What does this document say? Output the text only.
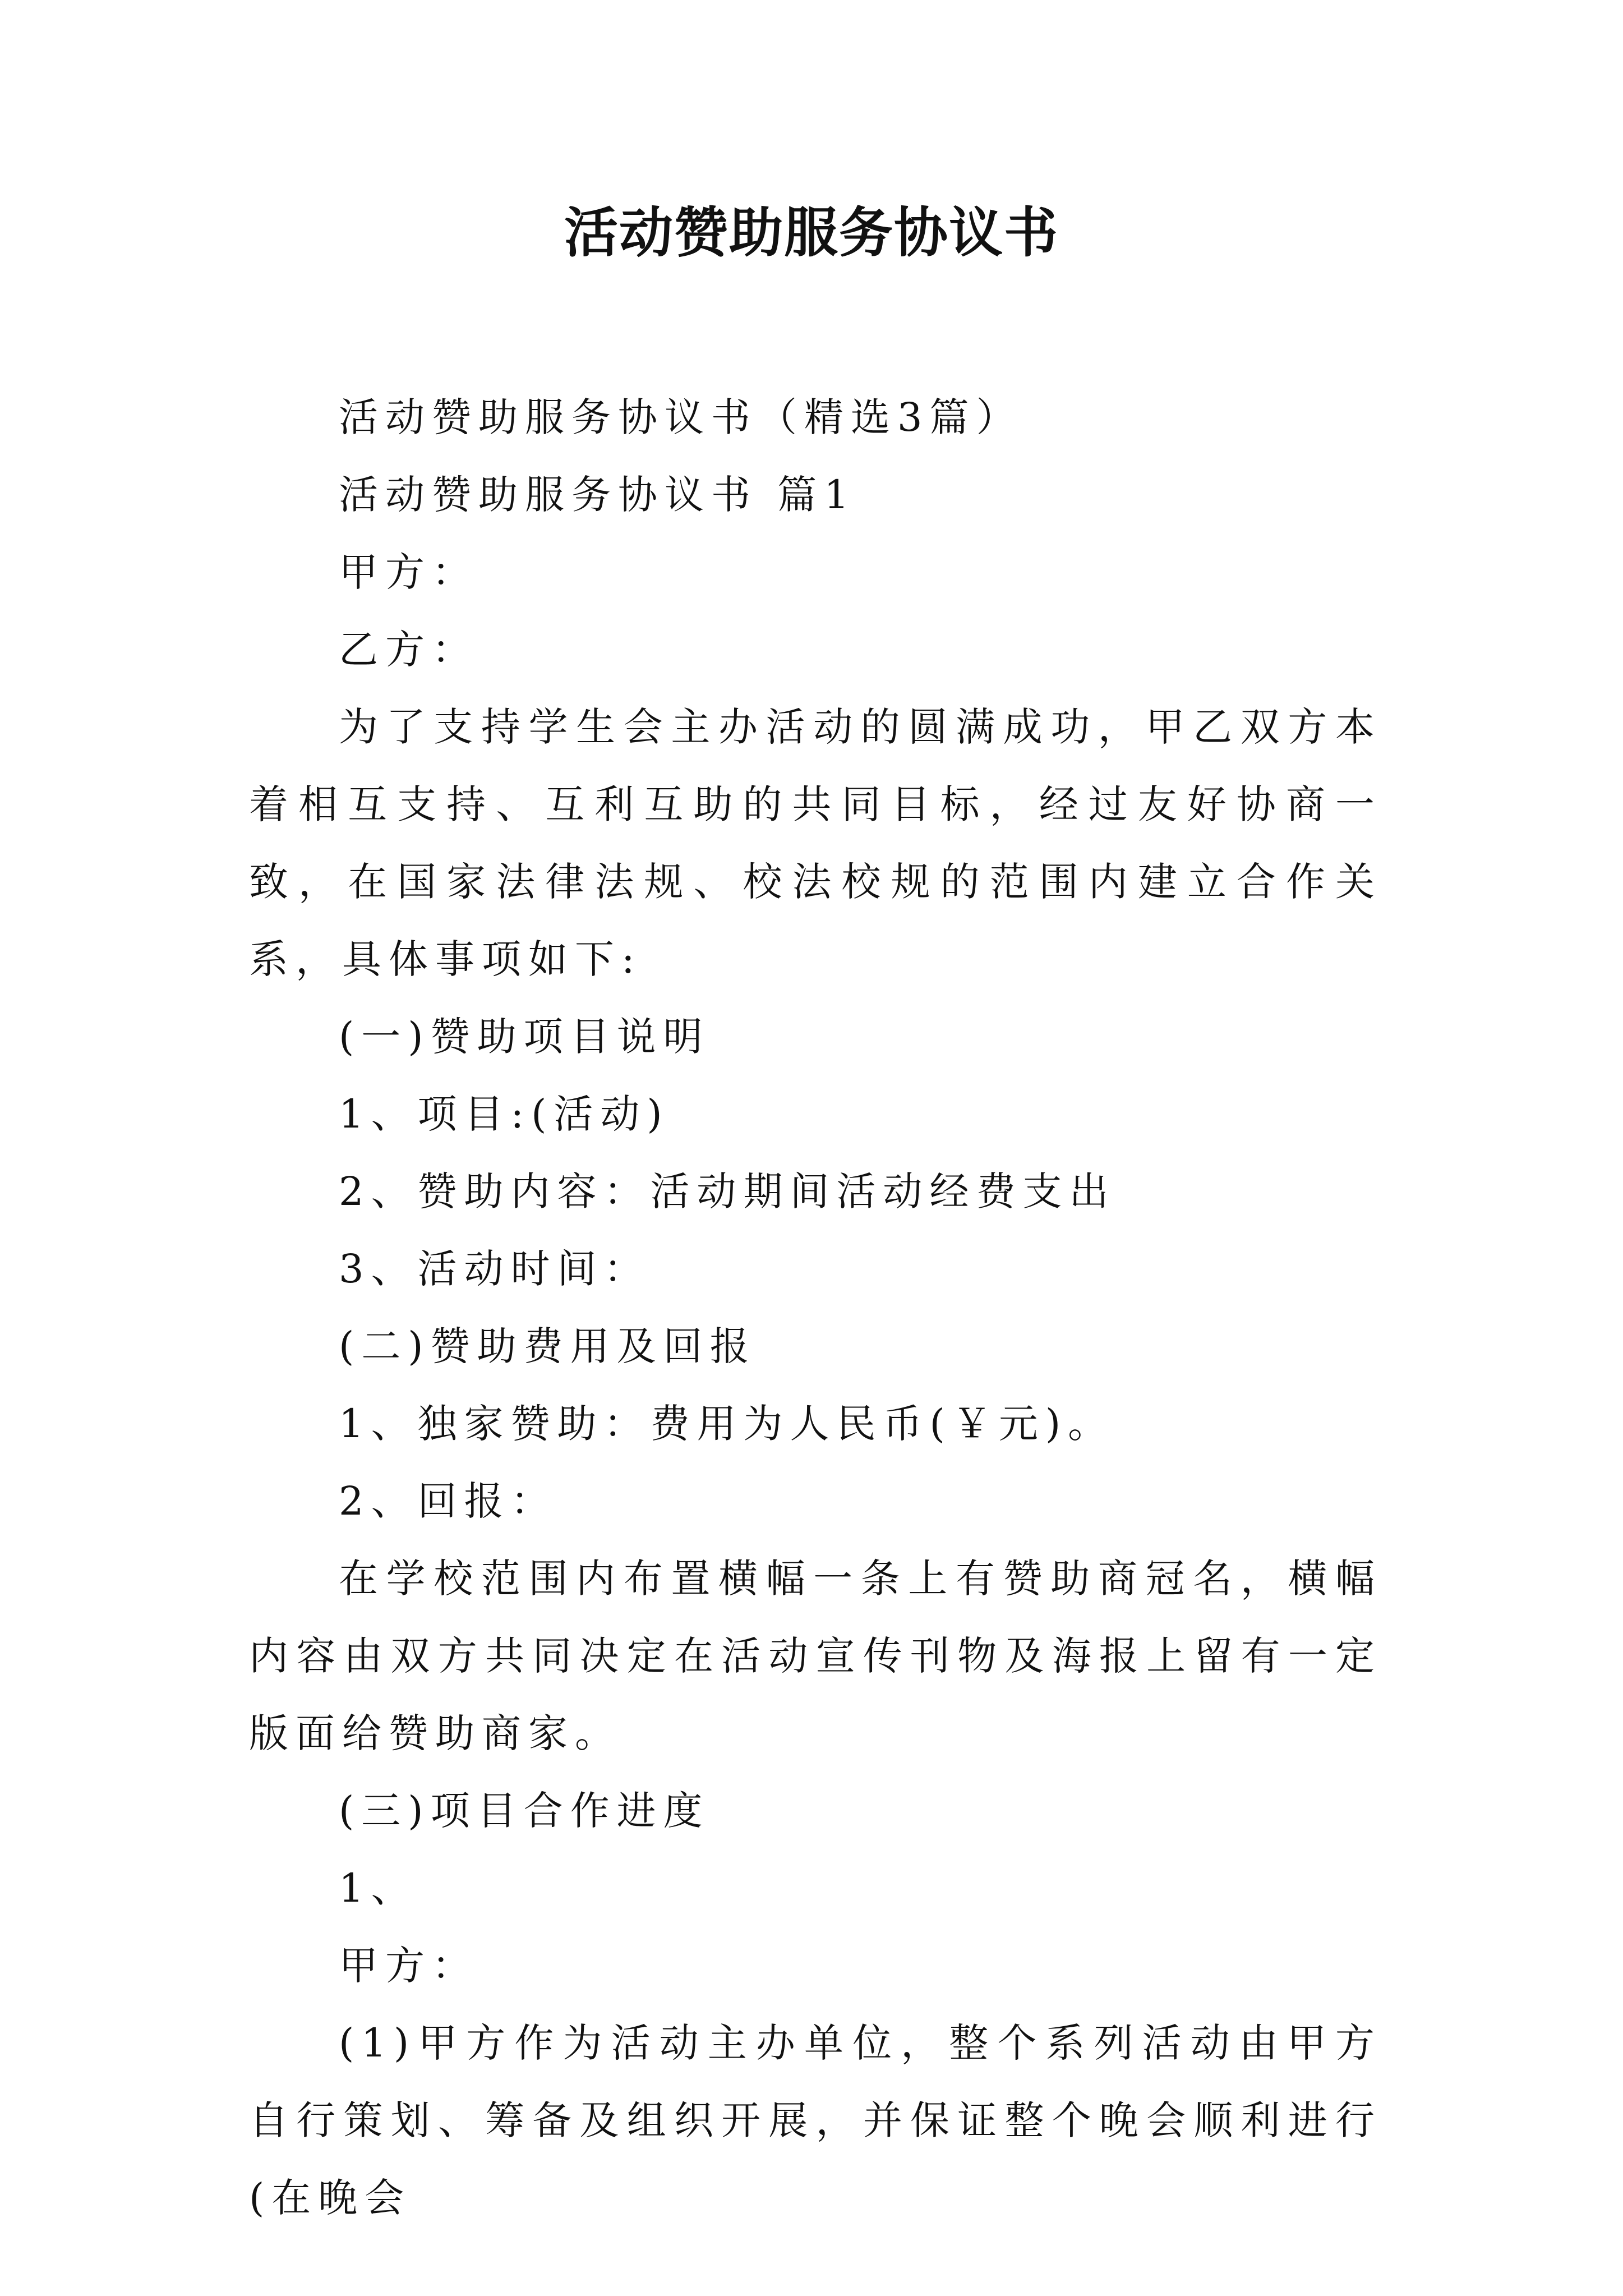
活动赞助服务协议书

活动赞助服务协议书（精选3篇）

活动赞助服务协议书 篇1

甲方：

乙方：

为了支持学生会主办活动的圆满成功，甲乙双方本着相互支持、互利互助的共同目标，经过友好协商一致，在国家法律法规、校法校规的范围内建立合作关系，具体事项如下:

(一)赞助项目说明

1、项目:(活动)

2、赞助内容：活动期间活动经费支出

3、活动时间：

(二)赞助费用及回报

1、独家赞助：费用为人民币(￥元)。

2、回报：

在学校范围内布置横幅一条上有赞助商冠名，横幅内容由双方共同决定在活动宣传刊物及海报上留有一定版面给赞助商家。

(三)项目合作进度

1、

甲方：

(1)甲方作为活动主办单位，整个系列活动由甲方自行策划、筹备及组织开展，并保证整个晚会顺利进行(在晚会
